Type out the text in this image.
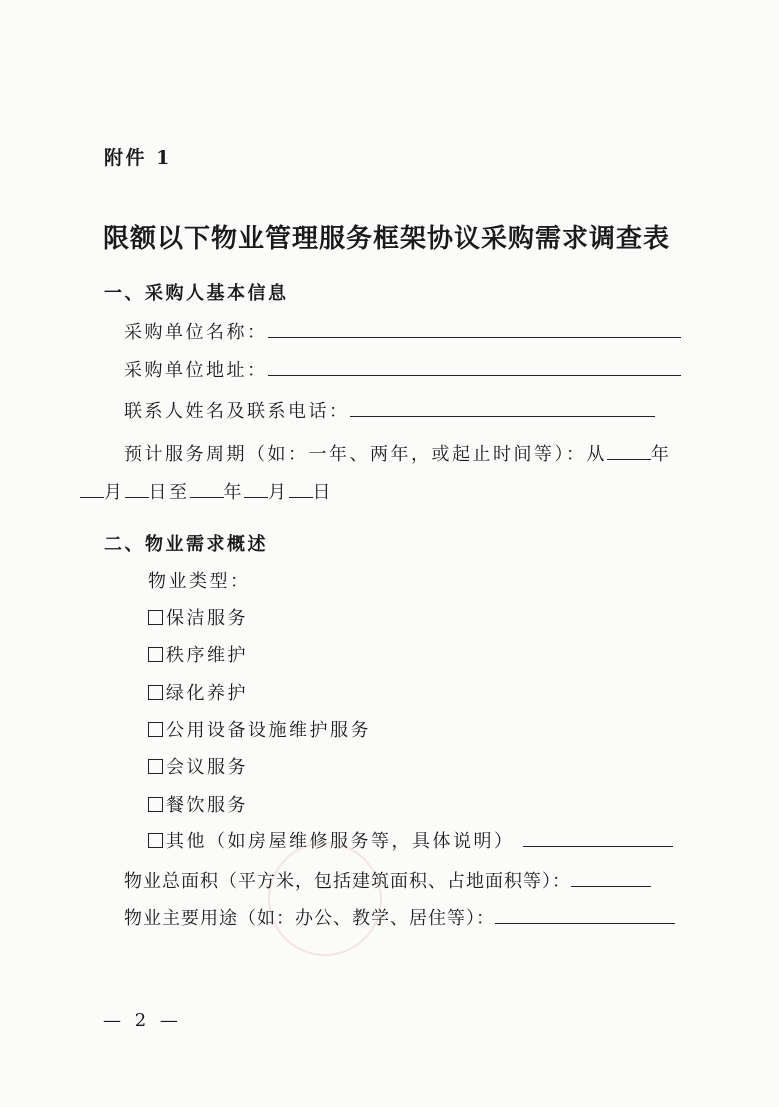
附件 1
限额以下物业管理服务框架协议采购需求调查表
一、采购人基本信息
采购单位名称：
采购单位地址：
联系人姓名及联系电话：
预计服务周期（如：一年、两年，或起止时间等）：从 年
月 日至 年 月 日
二、物业需求概述
物业类型：
保洁服务
秩序维护
绿化养护
公用设备设施维护服务
会议服务
餐饮服务
其他（如房屋维修服务等，具体说明）
物业总面积（平方米，包括建筑面积、占地面积等）：
物业主要用途（如：办公、教学、居住等）：
— 2 —
